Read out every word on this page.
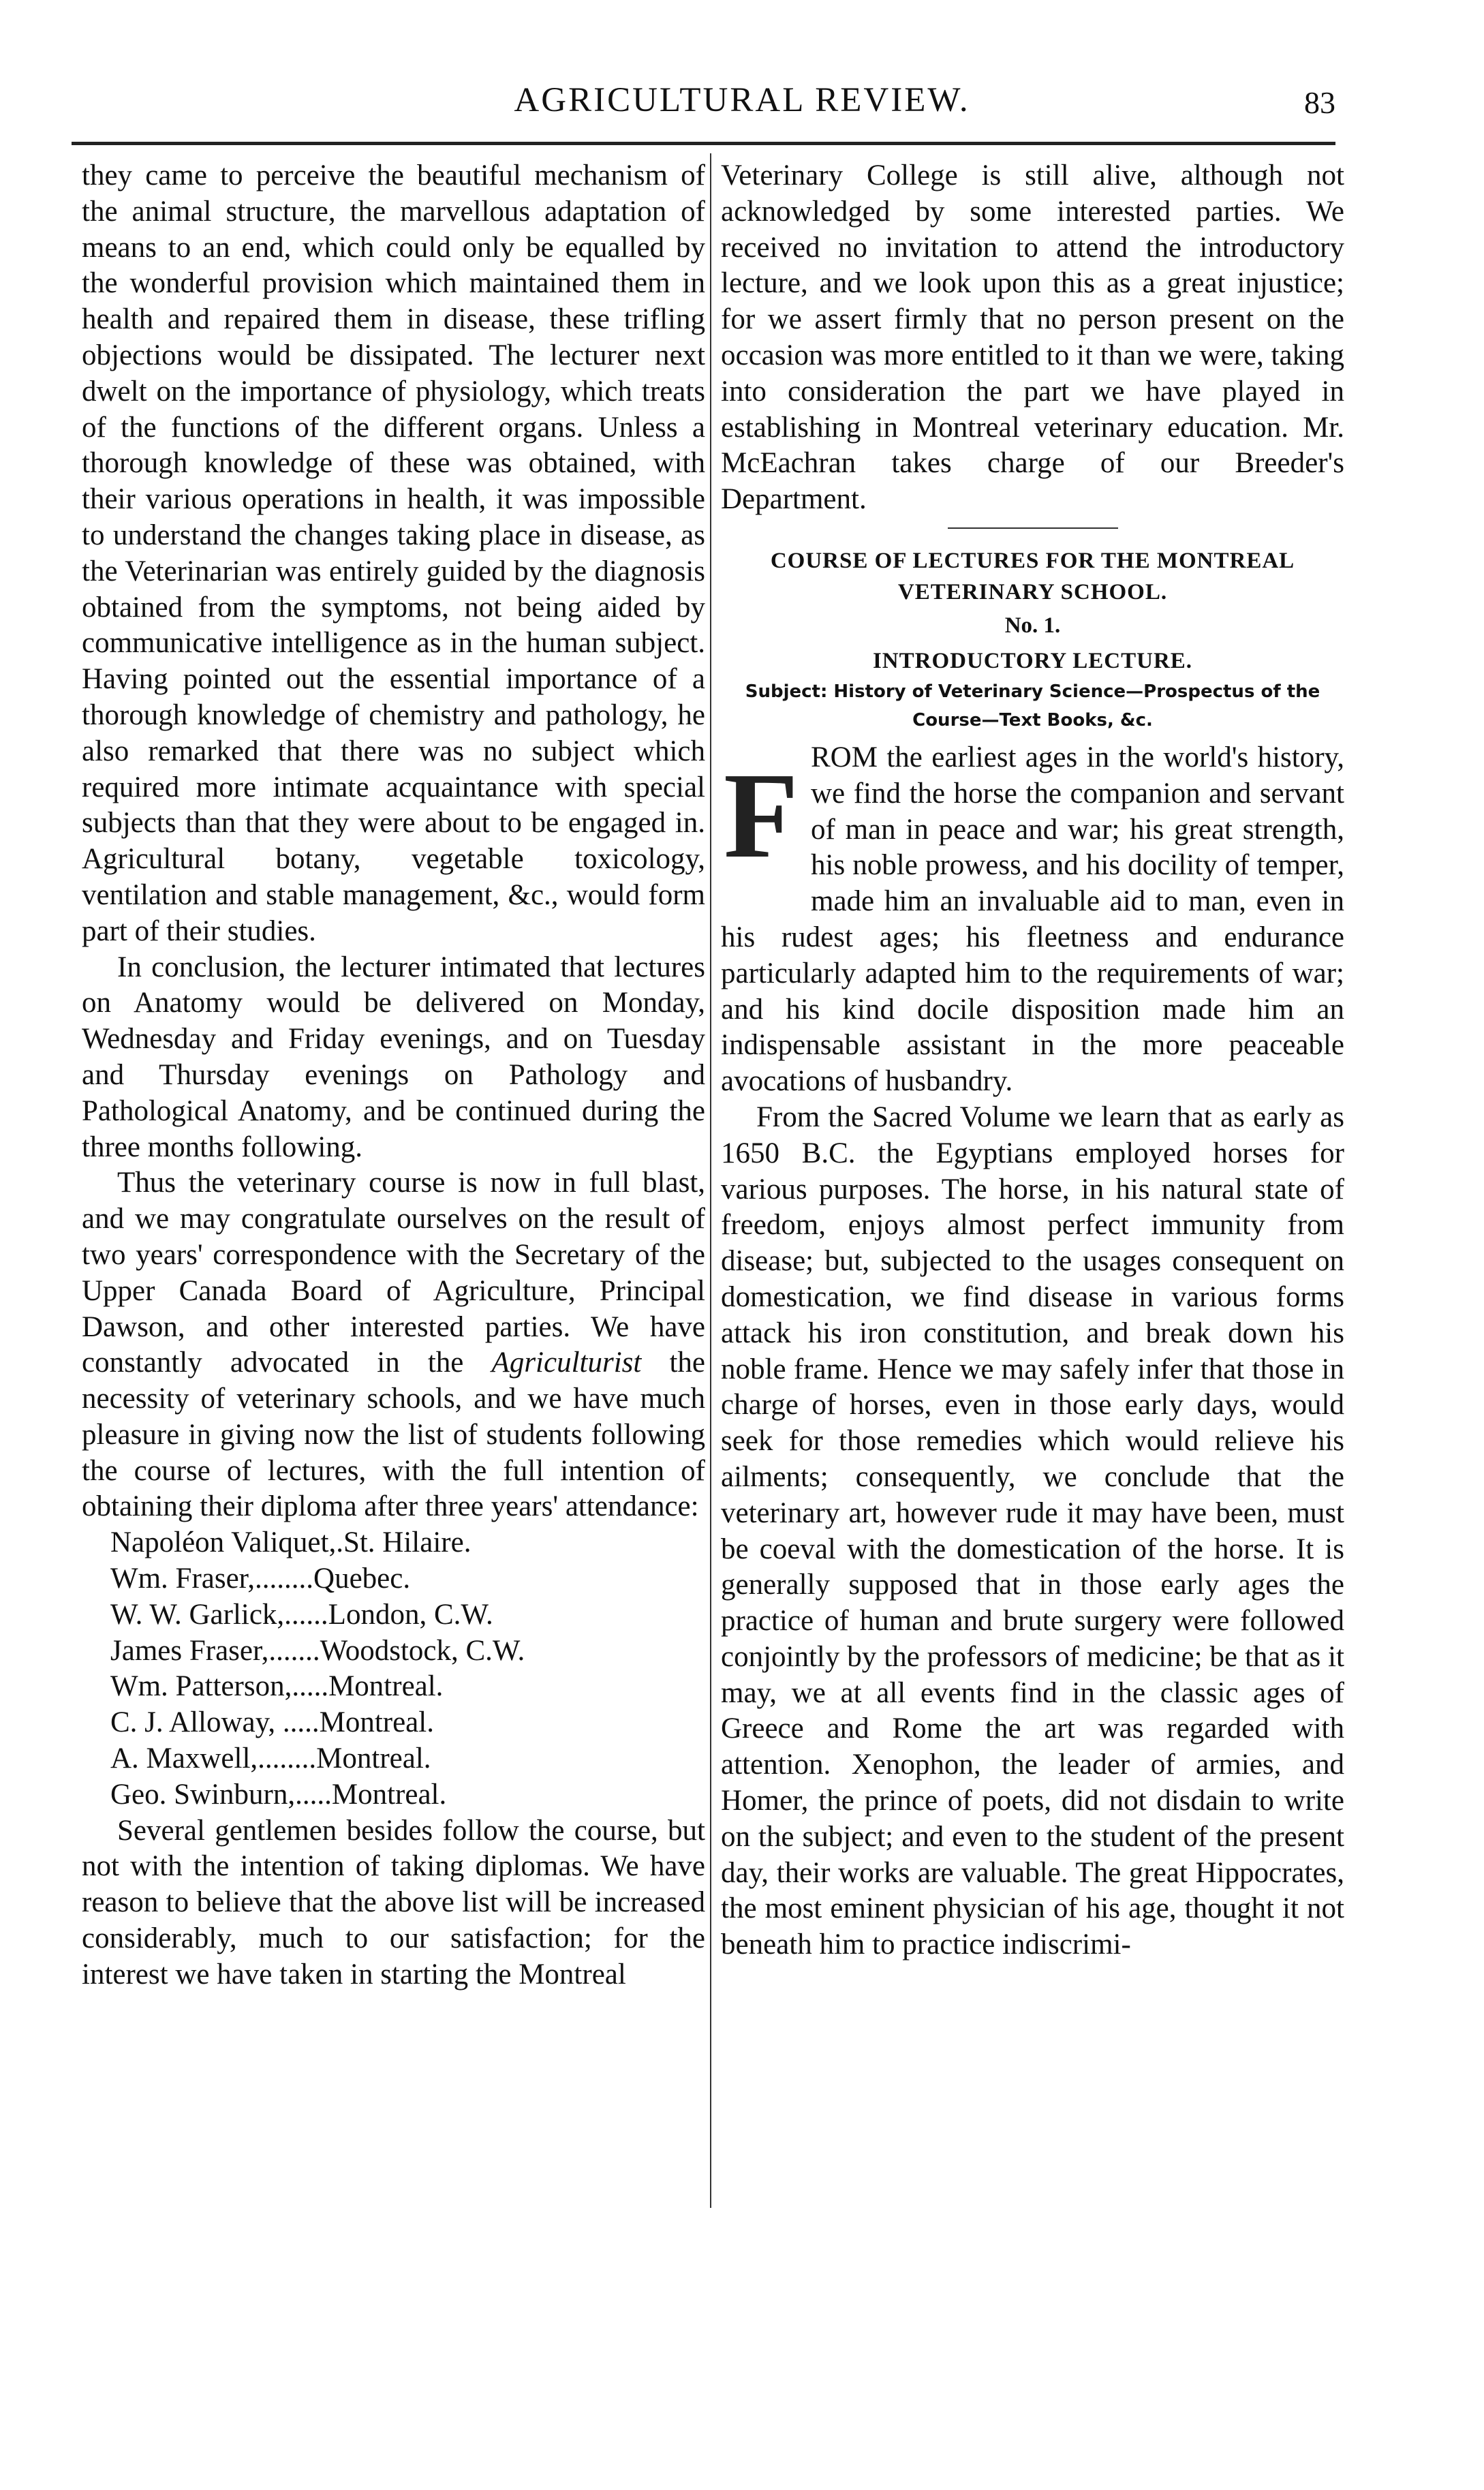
AGRICULTURAL REVIEW.	83

they came to perceive the beautiful mechanism of the animal structure, the marvellous adaptation of means to an end, which could only be equalled by the wonderful provision which maintained them in health and repaired them in disease, these trifling objections would be dissipated. The lecturer next dwelt on the importance of physiology, which treats of the functions of the different organs. Unless a thorough knowledge of these was obtained, with their various operations in health, it was impossible to understand the changes taking place in disease, as the Veterinarian was entirely guided by the diagnosis obtained from the symptoms, not being aided by communicative intelligence as in the human subject. Having pointed out the essential importance of a thorough knowledge of chemistry and pathology, he also remarked that there was no subject which required more intimate acquaintance with special subjects than that they were about to be engaged in. Agricultural botany, vegetable toxicology, ventilation and stable management, &c., would form part of their studies.

In conclusion, the lecturer intimated that lectures on Anatomy would be delivered on Monday, Wednesday and Friday evenings, and on Tuesday and Thursday evenings on Pathology and Pathological Anatomy, and be continued during the three months following.

Thus the veterinary course is now in full blast, and we may congratulate ourselves on the result of two years' correspondence with the Secretary of the Upper Canada Board of Agriculture, Principal Dawson, and other interested parties. We have constantly advocated in the Agriculturist the necessity of veterinary schools, and we have much pleasure in giving now the list of students following the course of lectures, with the full intention of obtaining their diploma after three years' attendance:

Napoléon Valiquet,.St. Hilaire.
Wm. Fraser,........Quebec.
W. W. Garlick,......London, C.W.
James Fraser,.......Woodstock, C.W.
Wm. Patterson,.....Montreal.
C. J. Alloway, .....Montreal.
A. Maxwell,........Montreal.
Geo. Swinburn,.....Montreal.

Several gentlemen besides follow the course, but not with the intention of taking diplomas. We have reason to believe that the above list will be increased considerably, much to our satisfaction; for the interest we have taken in starting the Montreal

Veterinary College is still alive, although not acknowledged by some interested parties. We received no invitation to attend the introductory lecture, and we look upon this as a great injustice; for we assert firmly that no person present on the occasion was more entitled to it than we were, taking into consideration the part we have played in establishing in Montreal veterinary education. Mr. McEachran takes charge of our Breeder's Department.

COURSE OF LECTURES FOR THE MONTREAL VETERINARY SCHOOL.
No. 1.
INTRODUCTORY LECTURE.
Subject: History of Veterinary Science—Prospectus of the Course—Text Books, &c.

FROM the earliest ages in the world's history, we find the horse the companion and servant of man in peace and war; his great strength, his noble prowess, and his docility of temper, made him an invaluable aid to man, even in his rudest ages; his fleetness and endurance particularly adapted him to the requirements of war; and his kind docile disposition made him an indispensable assistant in the more peaceable avocations of husbandry.

From the Sacred Volume we learn that as early as 1650 B.C. the Egyptians employed horses for various purposes. The horse, in his natural state of freedom, enjoys almost perfect immunity from disease; but, subjected to the usages consequent on domestication, we find disease in various forms attack his iron constitution, and break down his noble frame. Hence we may safely infer that those in charge of horses, even in those early days, would seek for those remedies which would relieve his ailments; consequently, we conclude that the veterinary art, however rude it may have been, must be coeval with the domestication of the horse. It is generally supposed that in those early ages the practice of human and brute surgery were followed conjointly by the professors of medicine; be that as it may, we at all events find in the classic ages of Greece and Rome the art was regarded with attention. Xenophon, the leader of armies, and Homer, the prince of poets, did not disdain to write on the subject; and even to the student of the present day, their works are valuable. The great Hippocrates, the most eminent physician of his age, thought it not beneath him to practice indiscrimi-
